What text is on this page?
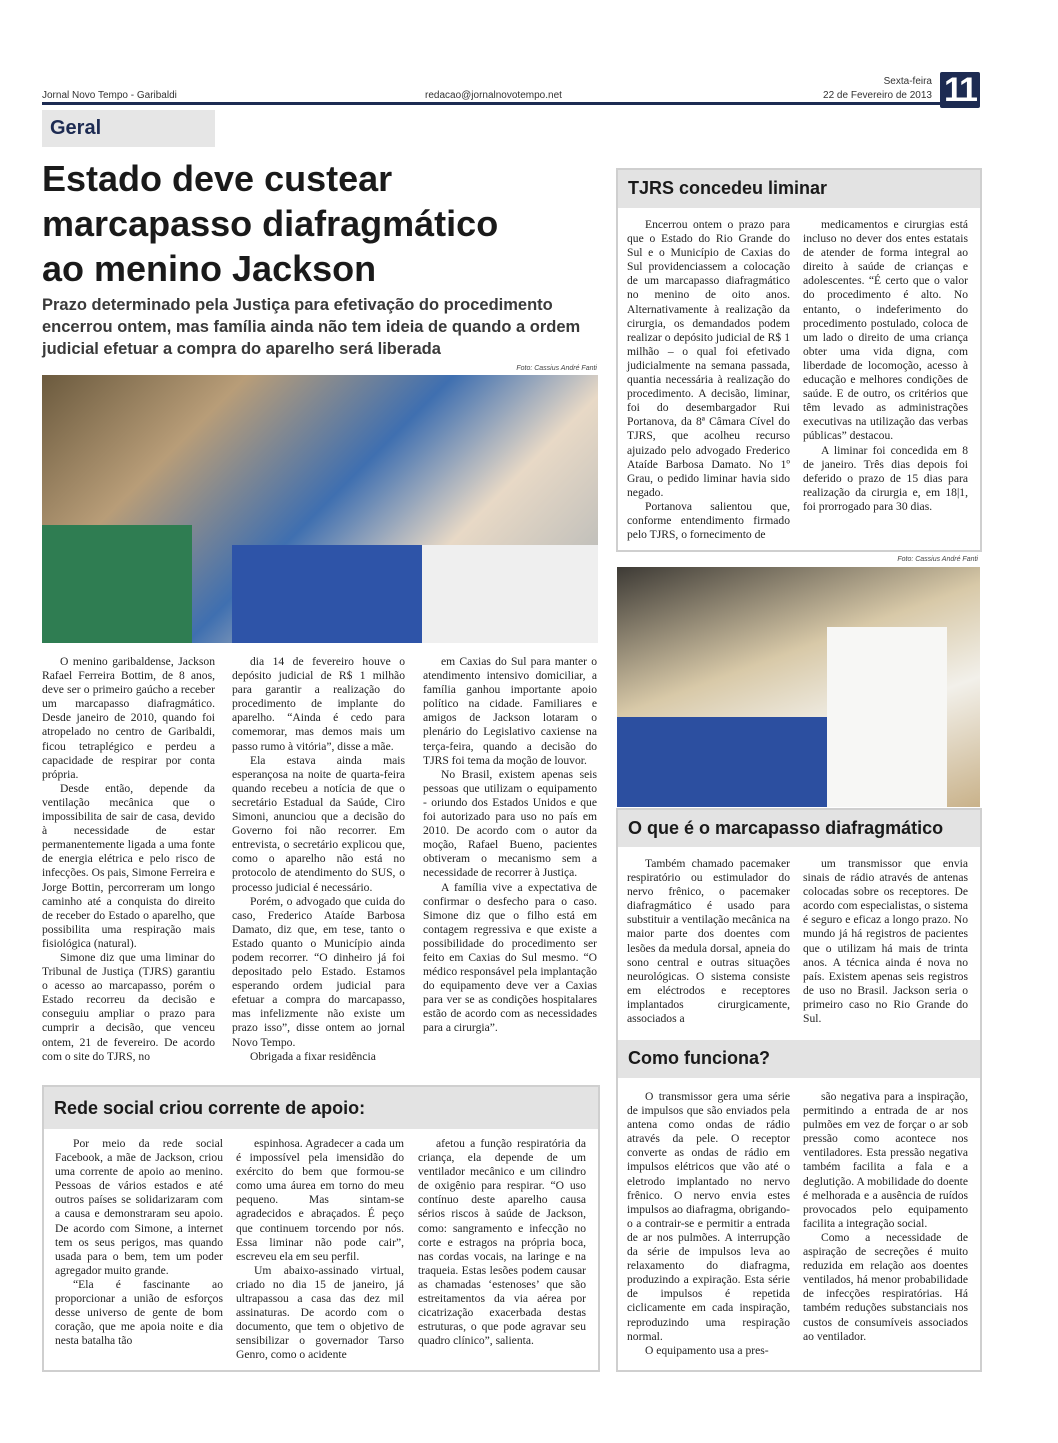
Jornal Novo Tempo - Garibaldi	redacao@jornalnovotempo.net
Sexta-feira
22 de Fevereiro de 2013 11
Geral
Estado deve custear
marcapasso diafragmático
ao menino Jackson

Prazo determinado pela Justiça para efetivação do procedimento encerrou ontem, mas família ainda não tem ideia de quando a ordem judicial efetuar a compra do aparelho será liberada

Foto: Cassius André Fanti

O menino garibaldense, Jackson Rafael Ferreira Bottim, de 8 anos, deve ser o primeiro gaúcho a receber um marcapasso diafragmático. Desde janeiro de 2010, quando foi atropelado no centro de Garibaldi, ficou tetraplégico e perdeu a capacidade de respirar por conta própria.

Desde então, depende da ventilação mecânica que o impossibilita de sair de casa, devido à necessidade de estar permanentemente ligada a uma fonte de energia elétrica e pelo risco de infecções. Os pais, Simone Ferreira e Jorge Bottin, percorreram um longo caminho até a conquista do direito de receber do Estado o aparelho, que possibilita uma respiração mais fisiológica (natural).

Simone diz que uma liminar do Tribunal de Justiça (TJRS) garantiu o acesso ao marcapasso, porém o Estado recorreu da decisão e conseguiu ampliar o prazo para cumprir a decisão, que venceu ontem, 21 de fevereiro. De acordo com o site do TJRS, no

dia 14 de fevereiro houve o depósito judicial de R$ 1 milhão para garantir a realização do procedimento de implante do aparelho. “Ainda é cedo para comemorar, mas demos mais um passo rumo à vitória”, disse a mãe.

Ela estava ainda mais esperançosa na noite de quarta-feira quando recebeu a notícia de que o secretário Estadual da Saúde, Ciro Simoni, anunciou que a decisão do Governo foi não recorrer. Em entrevista, o secretário explicou que, como o aparelho não está no protocolo de atendimento do SUS, o processo judicial é necessário.

Porém, o advogado que cuida do caso, Frederico Ataíde Barbosa Damato, diz que, em tese, tanto o Estado quanto o Município ainda podem recorrer. “O dinheiro já foi depositado pelo Estado. Estamos esperando ordem judicial para efetuar a compra do marcapasso, mas infelizmente não existe um prazo isso”, disse ontem ao jornal Novo Tempo.

Obrigada a fixar residência

em Caxias do Sul para manter o atendimento intensivo domiciliar, a família ganhou importante apoio político na cidade. Familiares e amigos de Jackson lotaram o plenário do Legislativo caxiense na terça-feira, quando a decisão do TJRS foi tema da moção de louvor.

No Brasil, existem apenas seis pessoas que utilizam o equipamento - oriundo dos Estados Unidos e que foi autorizado para uso no país em 2010. De acordo com o autor da moção, Rafael Bueno, pacientes obtiveram o mecanismo sem a necessidade de recorrer à Justiça.

A família vive a expectativa de confirmar o desfecho para o caso. Simone diz que o filho está em contagem regressiva e que existe a possibilidade do procedimento ser feito em Caxias do Sul mesmo. “O médico responsável pela implantação do equipamento deve ver a Caxias para ver se as condições hospitalares estão de acordo com as necessidades para a cirurgia”.

TJRS concedeu liminar

Encerrou ontem o prazo para que o Estado do Rio Grande do Sul e o Município de Caxias do Sul providenciassem a colocação de um marcapasso diafragmático no menino de oito anos. Alternativamente à realização da cirurgia, os demandados podem realizar o depósito judicial de R$ 1 milhão – o qual foi efetivado judicialmente na semana passada, quantia necessária à realização do procedimento. A decisão, liminar, foi do desembargador Rui Portanova, da 8ª Câmara Cível do TJRS, que acolheu recurso ajuizado pelo advogado Frederico Ataíde Barbosa Damato. No 1º Grau, o pedido liminar havia sido negado.

Portanova salientou que, conforme entendimento firmado pelo TJRS, o fornecimento de

medicamentos e cirurgias está incluso no dever dos entes estatais de atender de forma integral ao direito à saúde de crianças e adolescentes. “É certo que o valor do procedimento é alto. No entanto, o indeferimento do procedimento postulado, coloca de um lado o direito de uma criança obter uma vida digna, com liberdade de locomoção, acesso à educação e melhores condições de saúde. E de outro, os critérios que têm levado as administrações executivas na utilização das verbas públicas” destacou.

A liminar foi concedida em 8 de janeiro. Três dias depois foi deferido o prazo de 15 dias para realização da cirurgia e, em 18|1, foi prorrogado para 30 dias.

Foto: Cassius André Fanti
O que é o marcapasso diafragmático

Também chamado pacemaker respiratório ou estimulador do nervo frênico, o pacemaker diafragmático é usado para substituir a ventilação mecânica na maior parte dos doentes com lesões da medula dorsal, apneia do sono central e outras situações neurológicas. O sistema consiste em eléctrodos e receptores implantados cirurgicamente, associados a

um transmissor que envia sinais de rádio através de antenas colocadas sobre os receptores. De acordo com especialistas, o sistema é seguro e eficaz a longo prazo. No mundo já há registros de pacientes que o utilizam há mais de trinta anos. A técnica ainda é nova no país. Existem apenas seis registros de uso no Brasil. Jackson seria o primeiro caso no Rio Grande do Sul.

Como funciona?

O transmissor gera uma série de impulsos que são enviados pela antena como ondas de rádio através da pele. O receptor converte as ondas de rádio em impulsos elétricos que vão até o eletrodo implantado no nervo frênico. O nervo envia estes impulsos ao diafragma, obrigando-o a contrair-se e permitir a entrada de ar nos pulmões. A interrupção da série de impulsos leva ao relaxamento do diafragma, produzindo a expiração. Esta série de impulsos é repetida ciclicamente em cada inspiração, reproduzindo uma respiração normal.

O equipamento usa a pres-

são negativa para a inspiração, permitindo a entrada de ar nos pulmões em vez de forçar o ar sob pressão como acontece nos ventiladores. Esta pressão negativa também facilita a fala e a deglutição. A mobilidade do doente é melhorada e a ausência de ruídos provocados pelo equipamento facilita a integração social.

Como a necessidade de aspiração de secreções é muito reduzida em relação aos doentes ventilados, há menor probabilidade de infecções respiratórias. Há também reduções substanciais nos custos de consumíveis associados ao ventilador.

Rede social criou corrente de apoio:

Por meio da rede social Facebook, a mãe de Jackson, criou uma corrente de apoio ao menino. Pessoas de vários estados e até outros países se solidarizaram com a causa e demonstraram seu apoio. De acordo com Simone, a internet tem os seus perigos, mas quando usada para o bem, tem um poder agregador muito grande.

“Ela é fascinante ao proporcionar a união de esforços desse universo de gente de bom coração, que me apoia noite e dia nesta batalha tão

espinhosa. Agradecer a cada um é impossível pela imensidão do exército do bem que formou-se como uma áurea em torno do meu pequeno. Mas sintam-se agradecidos e abraçados. É peço que continuem torcendo por nós. Essa liminar não pode cair”, escreveu ela em seu perfil.

Um abaixo-assinado virtual, criado no dia 15 de janeiro, já ultrapassou a casa das dez mil assinaturas. De acordo com o documento, que tem o objetivo de sensibilizar o governador Tarso Genro, como o acidente

afetou a função respiratória da criança, ela depende de um ventilador mecânico e um cilindro de oxigênio para respirar. “O uso contínuo deste aparelho causa sérios riscos à saúde de Jackson, como: sangramento e infecção no corte e estragos na própria boca, nas cordas vocais, na laringe e na traqueia. Estas lesões podem causar as chamadas ‘estenoses’ que são estreitamentos da via aérea por cicatrização exacerbada destas estruturas, o que pode agravar seu quadro clínico”, salienta.
